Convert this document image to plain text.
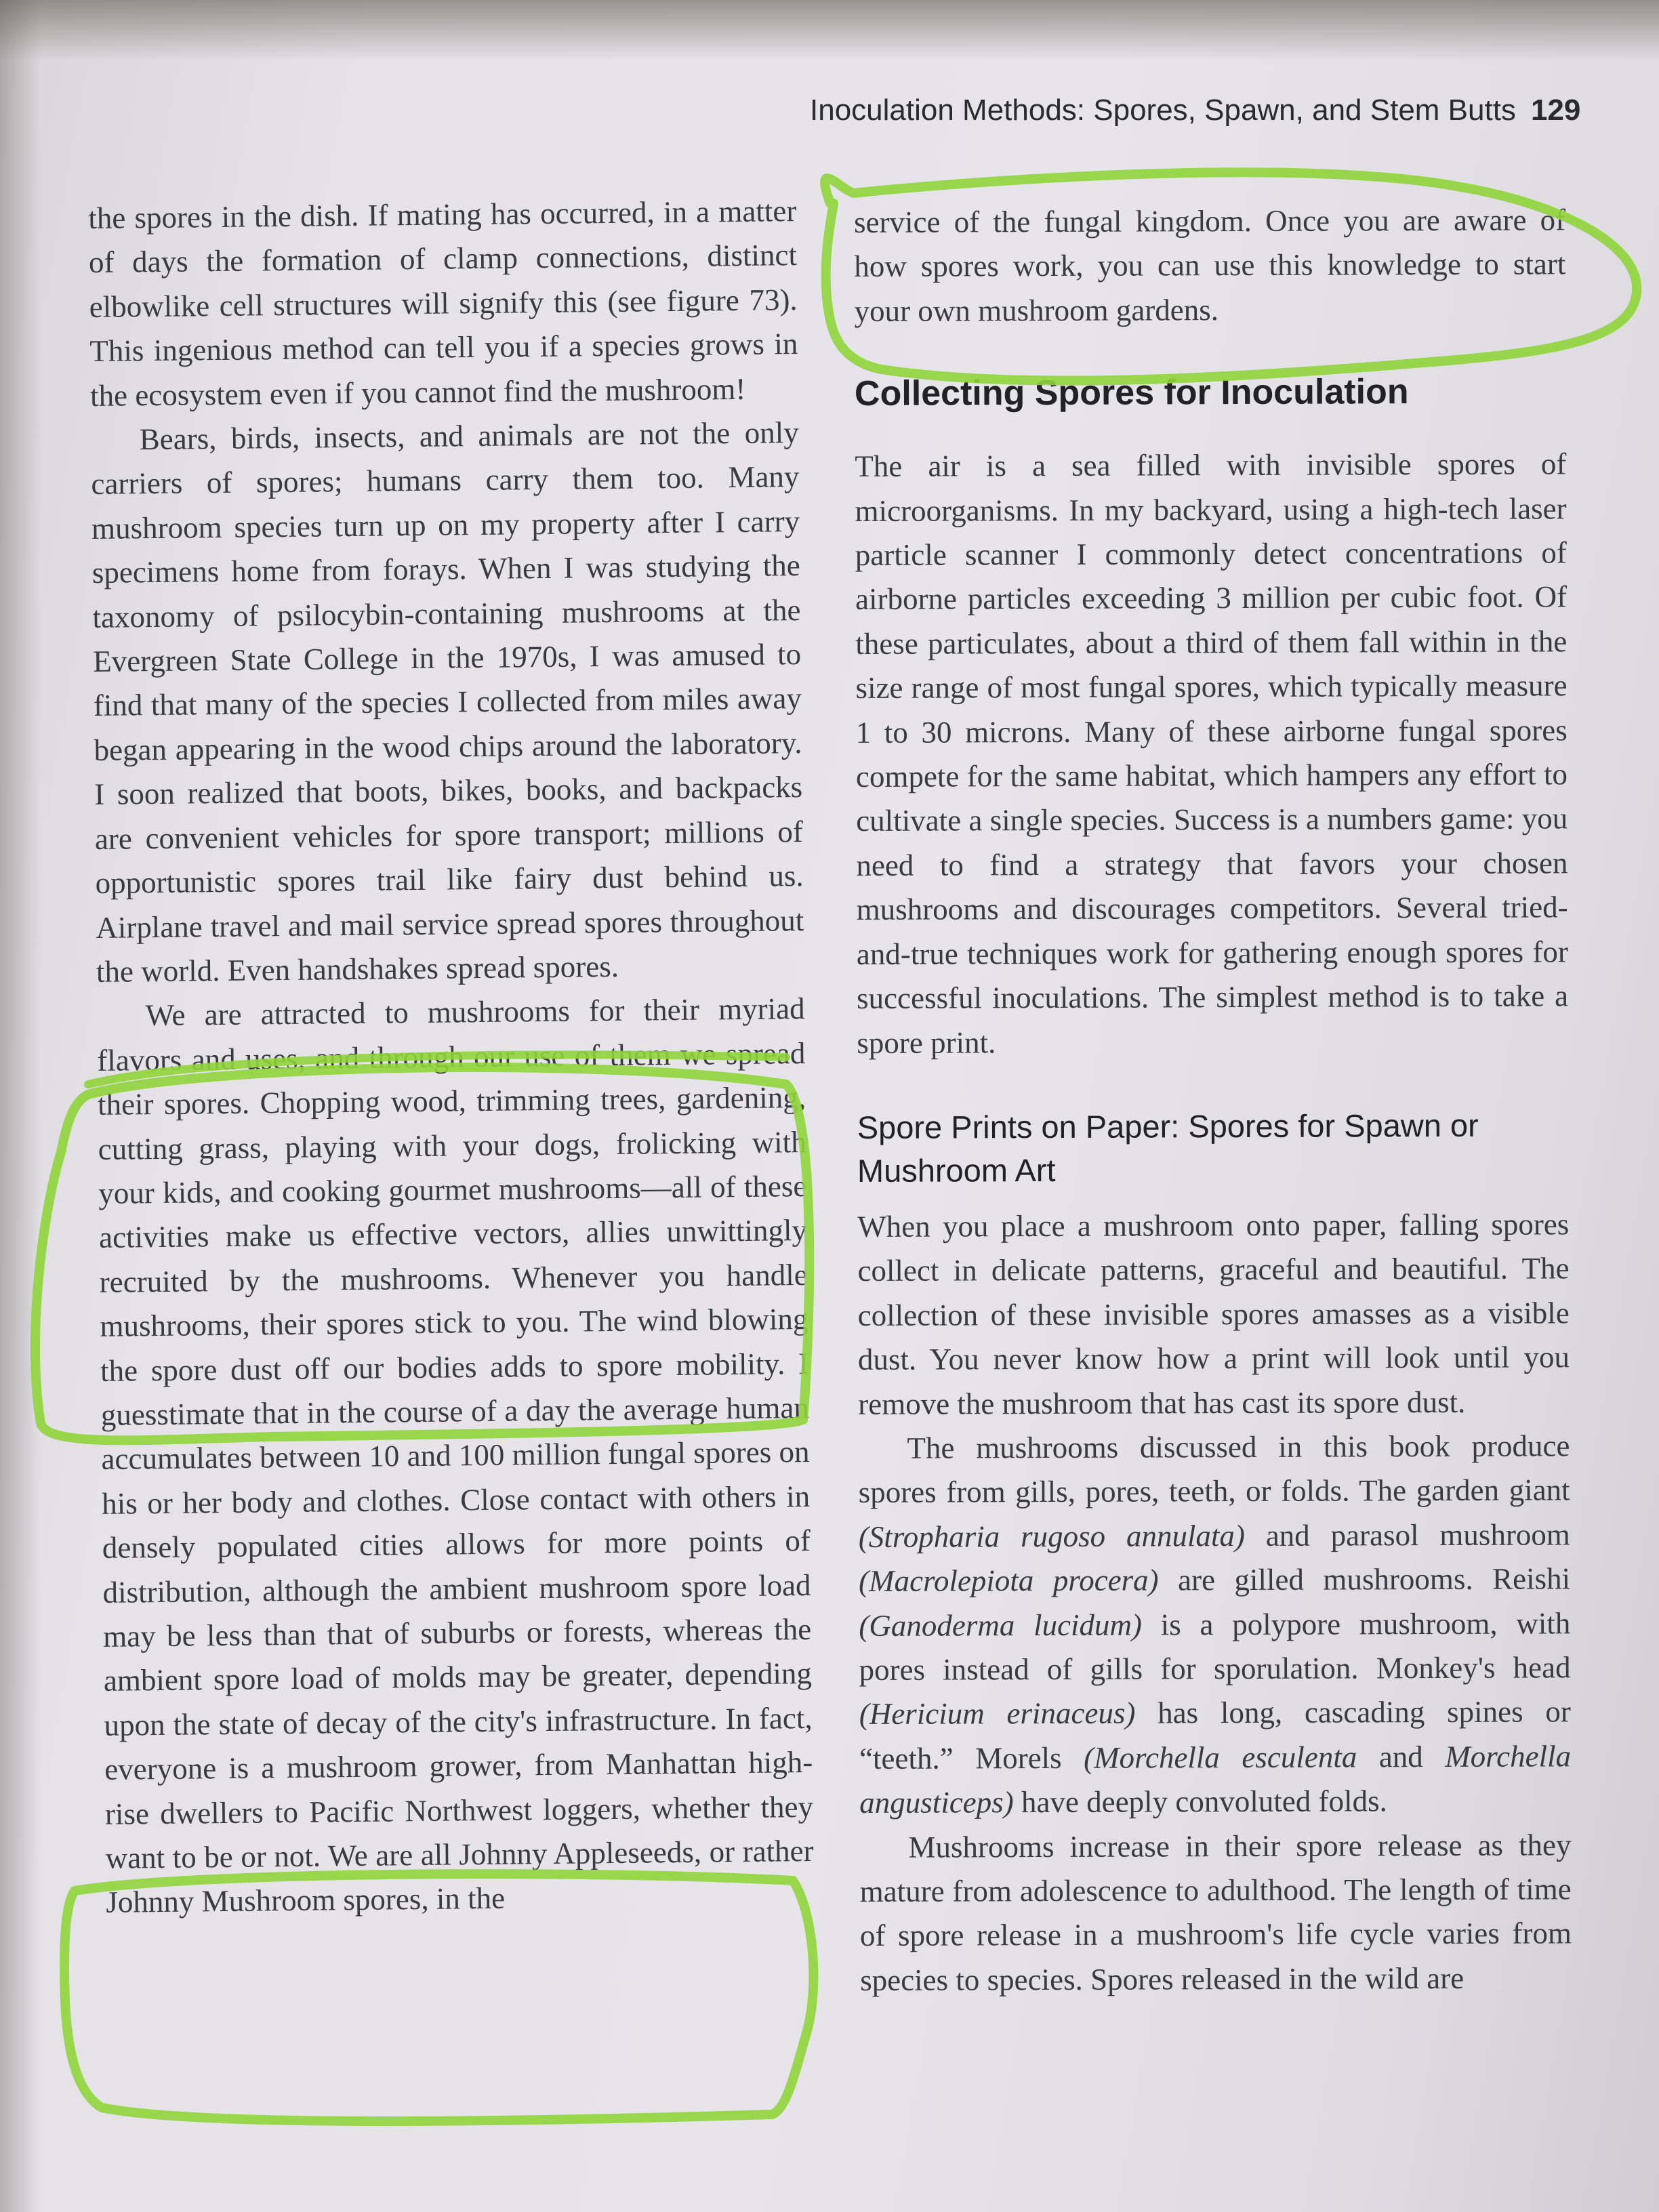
Inoculation Methods: Spores, Spawn, and Stem Butts 129

the spores in the dish. If mating has occurred, in a matter of days the formation of clamp connections, distinct elbowlike cell structures will signify this (see figure 73). This ingenious method can tell you if a species grows in the ecosystem even if you cannot find the mushroom!

Bears, birds, insects, and animals are not the only carriers of spores; humans carry them too. Many mushroom species turn up on my property after I carry specimens home from forays. When I was studying the taxonomy of psilocybin-containing mushrooms at the Evergreen State College in the 1970s, I was amused to find that many of the species I collected from miles away began appearing in the wood chips around the laboratory. I soon realized that boots, bikes, books, and backpacks are convenient vehicles for spore transport; millions of opportunistic spores trail like fairy dust behind us. Airplane travel and mail service spread spores throughout the world. Even handshakes spread spores.

We are attracted to mushrooms for their myriad flavors and uses, and through our use of them we spread their spores. Chopping wood, trimming trees, gardening, cutting grass, playing with your dogs, frolicking with your kids, and cooking gourmet mushrooms—all of these activities make us effective vectors, allies unwittingly recruited by the mushrooms. Whenever you handle mushrooms, their spores stick to you. The wind blowing the spore dust off our bodies adds to spore mobility. I guesstimate that in the course of a day the average human accumulates between 10 and 100 million fungal spores on his or her body and clothes. Close contact with others in densely populated cities allows for more points of distribution, although the ambient mushroom spore load may be less than that of suburbs or forests, whereas the ambient spore load of molds may be greater, depending upon the state of decay of the city's infrastructure. In fact, everyone is a mushroom grower, from Manhattan high-rise dwellers to Pacific Northwest loggers, whether they want to be or not. We are all Johnny Appleseeds, or rather Johnny Mushroom spores, in the

service of the fungal kingdom. Once you are aware of how spores work, you can use this knowledge to start your own mushroom gardens.

Collecting Spores for Inoculation

The air is a sea filled with invisible spores of microorganisms. In my backyard, using a high-tech laser particle scanner I commonly detect concentrations of airborne particles exceeding 3 million per cubic foot. Of these particulates, about a third of them fall within in the size range of most fungal spores, which typically measure 1 to 30 microns. Many of these airborne fungal spores compete for the same habitat, which hampers any effort to cultivate a single species. Success is a numbers game: you need to find a strategy that favors your chosen mushrooms and discourages competitors. Several tried-and-true techniques work for gathering enough spores for successful inoculations. The simplest method is to take a spore print.

Spore Prints on Paper: Spores for Spawn or Mushroom Art

When you place a mushroom onto paper, falling spores collect in delicate patterns, graceful and beautiful. The collection of these invisible spores amasses as a visible dust. You never know how a print will look until you remove the mushroom that has cast its spore dust.

The mushrooms discussed in this book produce spores from gills, pores, teeth, or folds. The garden giant (Stropharia rugoso annulata) and parasol mushroom (Macrolepiota procera) are gilled mushrooms. Reishi (Ganoderma lucidum) is a polypore mushroom, with pores instead of gills for sporulation. Monkey's head (Hericium erinaceus) has long, cascading spines or “teeth.” Morels (Morchella esculenta and Morchella angusticeps) have deeply convoluted folds.

Mushrooms increase in their spore release as they mature from adolescence to adulthood. The length of time of spore release in a mushroom's life cycle varies from species to species. Spores released in the wild are
